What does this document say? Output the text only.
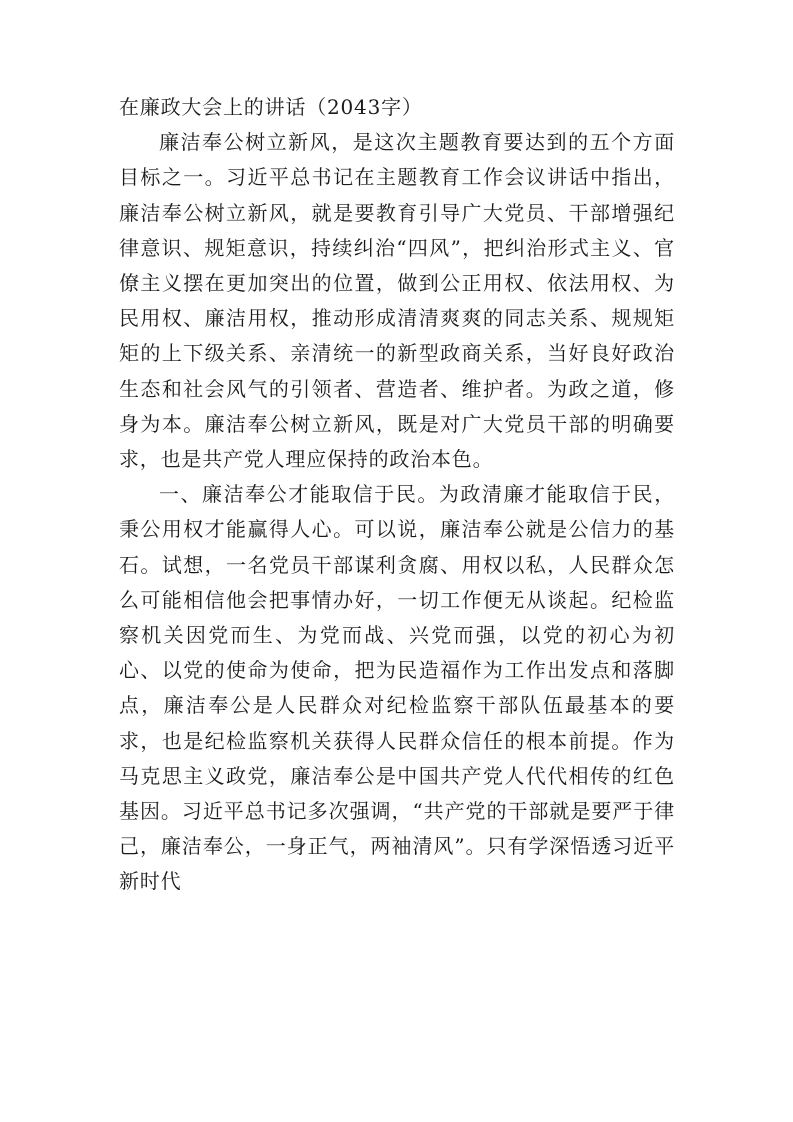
在廉政大会上的讲话（2043字）

廉洁奉公树立新风，是这次主题教育要达到的五个方面目标之一。习近平总书记在主题教育工作会议讲话中指出，廉洁奉公树立新风，就是要教育引导广大党员、干部增强纪律意识、规矩意识，持续纠治“四风”，把纠治形式主义、官僚主义摆在更加突出的位置，做到公正用权、依法用权、为民用权、廉洁用权，推动形成清清爽爽的同志关系、规规矩矩的上下级关系、亲清统一的新型政商关系，当好良好政治生态和社会风气的引领者、营造者、维护者。为政之道，修身为本。廉洁奉公树立新风，既是对广大党员干部的明确要求，也是共产党人理应保持的政治本色。

一、廉洁奉公才能取信于民。为政清廉才能取信于民，秉公用权才能赢得人心。可以说，廉洁奉公就是公信力的基石。试想，一名党员干部谋利贪腐、用权以私，人民群众怎么可能相信他会把事情办好，一切工作便无从谈起。纪检监察机关因党而生、为党而战、兴党而强，以党的初心为初心、以党的使命为使命，把为民造福作为工作出发点和落脚点，廉洁奉公是人民群众对纪检监察干部队伍最基本的要求，也是纪检监察机关获得人民群众信任的根本前提。作为马克思主义政党，廉洁奉公是中国共产党人代代相传的红色基因。习近平总书记多次强调，“共产党的干部就是要严于律己，廉洁奉公，一身正气，两袖清风”。只有学深悟透习近平新时代
